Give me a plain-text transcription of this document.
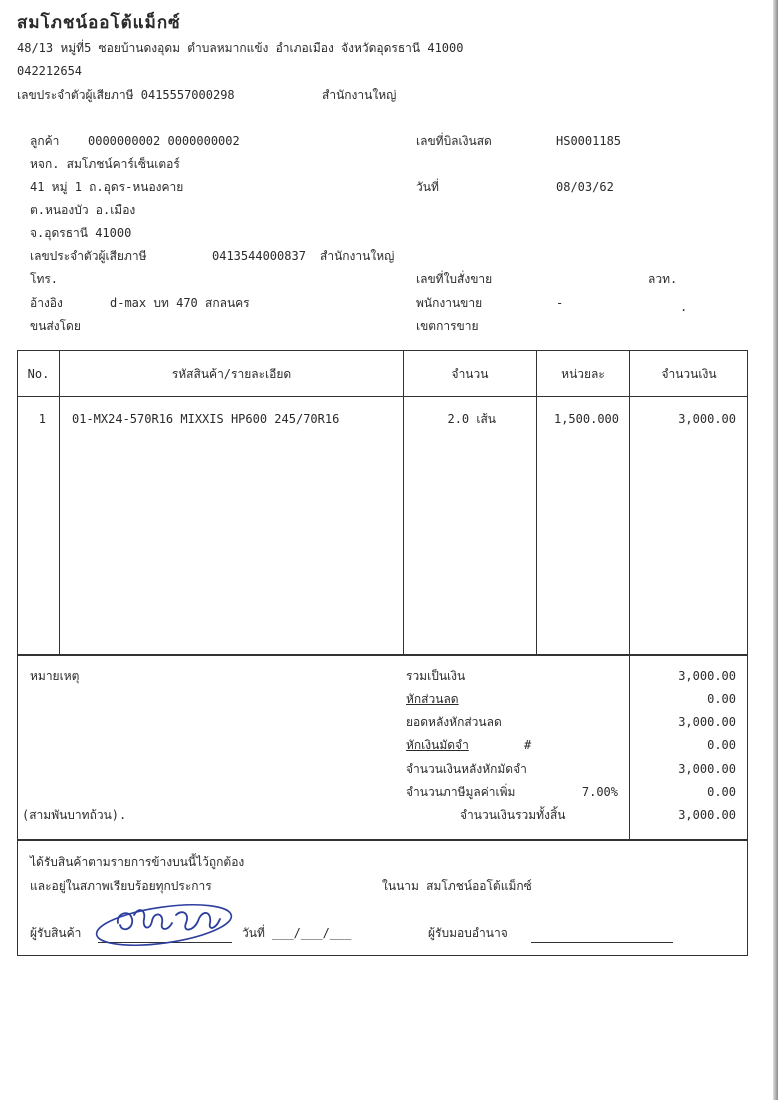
สมโภชน์ออโต้แม็กซ์
48/13 หมู่ที่5 ซอยบ้านดงอุดม ตำบลหมากแข้ง อำเภอเมือง จังหวัดอุดรธานี 41000
042212654
เลขประจำตัวผู้เสียภาษี 0415557000298	สำนักงานใหญ่
ลูกค้า 0000000002 0000000002
หจก. สมโภชน์คาร์เซ็นเตอร์
41 หมู่ 1 ถ.อุดร-หนองคาย
ต.หนองบัว อ.เมือง
จ.อุดรธานี 41000
เลขประจำตัวผู้เสียภาษี	0413544000837 สำนักงานใหญ่
โทร.
อ้างอิง	d-max บท 470 สกลนคร
ขนส่งโดย
เลขที่บิลเงินสด	HS0001185
วันที่	08/03/62
เลขที่ใบสั่งขาย	ลวท.
พนักงานขาย	-	.
เขตการขาย
No.	รหัสสินค้า/รายละเอียด	จำนวน	หน่วยละ	จำนวนเงิน
1 01-MX24-570R16 MIXXIS HP600 245/70R16	2.0 เส้น	1,500.000	3,000.00
หมายเหตุ	รวมเป็นเงิน	3,000.00
หักส่วนลด	0.00
ยอดหลังหักส่วนลด	3,000.00
หักเงินมัดจำ	#	0.00
จำนวนเงินหลังหักมัดจำ	3,000.00
จำนวนภาษีมูลค่าเพิ่ม	7.00%	0.00
(สามพันบาทถ้วน).	จำนวนเงินรวมทั้งสิ้น	3,000.00
ได้รับสินค้าตามรายการข้างบนนี้ไว้ถูกต้อง
และอยู่ในสภาพเรียบร้อยทุกประการ	ในนาม สมโภชน์ออโต้แม็กซ์
ผู้รับสินค้า	วันที่ ___/___/___	ผู้รับมอบอำนาจ
